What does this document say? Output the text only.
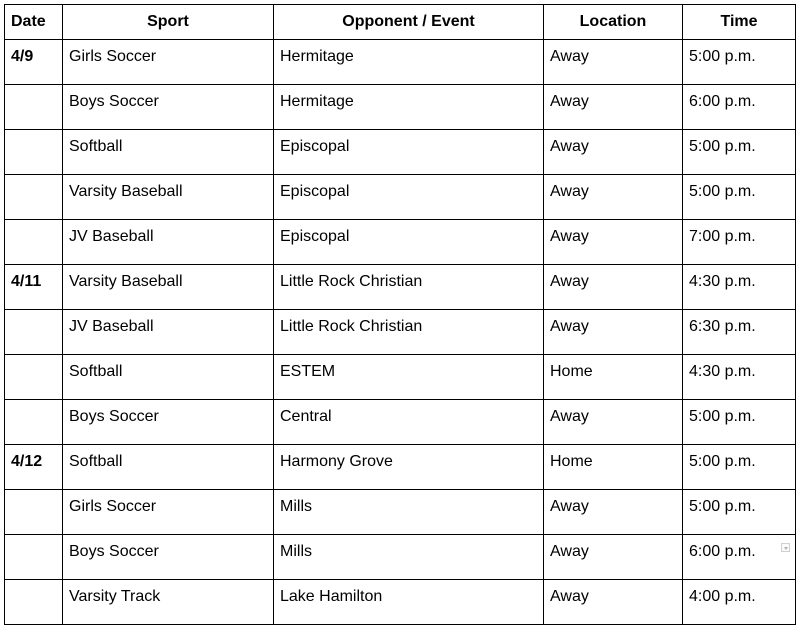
Date	Sport	Opponent / Event	Location	Time
4/9	Girls Soccer	Hermitage	Away	5:00 p.m.
	Boys Soccer	Hermitage	Away	6:00 p.m.
	Softball	Episcopal	Away	5:00 p.m.
	Varsity Baseball	Episcopal	Away	5:00 p.m.
	JV Baseball	Episcopal	Away	7:00 p.m.
4/11	Varsity Baseball	Little Rock Christian	Away	4:30 p.m.
	JV Baseball	Little Rock Christian	Away	6:30 p.m.
	Softball	ESTEM	Home	4:30 p.m.
	Boys Soccer	Central	Away	5:00 p.m.
4/12	Softball	Harmony Grove	Home	5:00 p.m.
	Girls Soccer	Mills	Away	5:00 p.m.
	Boys Soccer	Mills	Away	6:00 p.m.
	Varsity Track	Lake Hamilton	Away	4:00 p.m.
